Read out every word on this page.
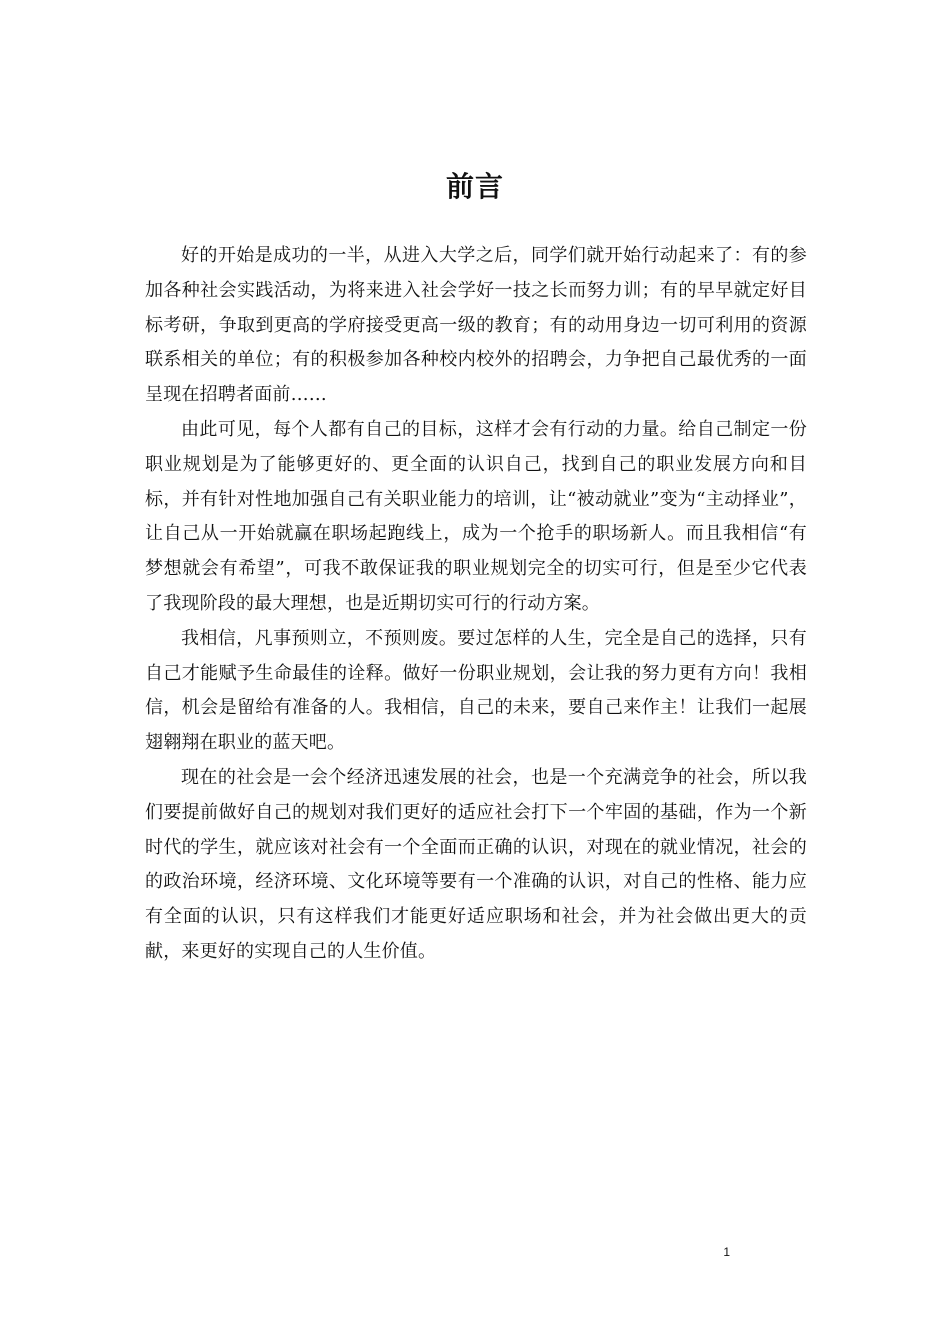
前言

好的开始是成功的一半，从进入大学之后，同学们就开始行动起来了：有的参加各种社会实践活动，为将来进入社会学好一技之长而努力训；有的早早就定好目标考研，争取到更高的学府接受更高一级的教育；有的动用身边一切可利用的资源联系相关的单位；有的积极参加各种校内校外的招聘会，力争把自己最优秀的一面呈现在招聘者面前……

由此可见，每个人都有自己的目标，这样才会有行动的力量。给自己制定一份职业规划是为了能够更好的、更全面的认识自己，找到自己的职业发展方向和目标，并有针对性地加强自己有关职业能力的培训，让“被动就业”变为“主动择业”，让自己从一开始就赢在职场起跑线上，成为一个抢手的职场新人。而且我相信“有梦想就会有希望”，可我不敢保证我的职业规划完全的切实可行，但是至少它代表了我现阶段的最大理想，也是近期切实可行的行动方案。

我相信，凡事预则立，不预则废。要过怎样的人生，完全是自己的选择，只有自己才能赋予生命最佳的诠释。做好一份职业规划，会让我的努力更有方向！我相信，机会是留给有准备的人。我相信，自己的未来，要自己来作主！让我们一起展翅翱翔在职业的蓝天吧。

现在的社会是一会个经济迅速发展的社会，也是一个充满竞争的社会，所以我们要提前做好自己的规划对我们更好的适应社会打下一个牢固的基础，作为一个新时代的学生，就应该对社会有一个全面而正确的认识，对现在的就业情况，社会的的政治环境，经济环境、文化环境等要有一个准确的认识，对自己的性格、能力应有全面的认识，只有这样我们才能更好适应职场和社会，并为社会做出更大的贡献，来更好的实现自己的人生价值。

1
